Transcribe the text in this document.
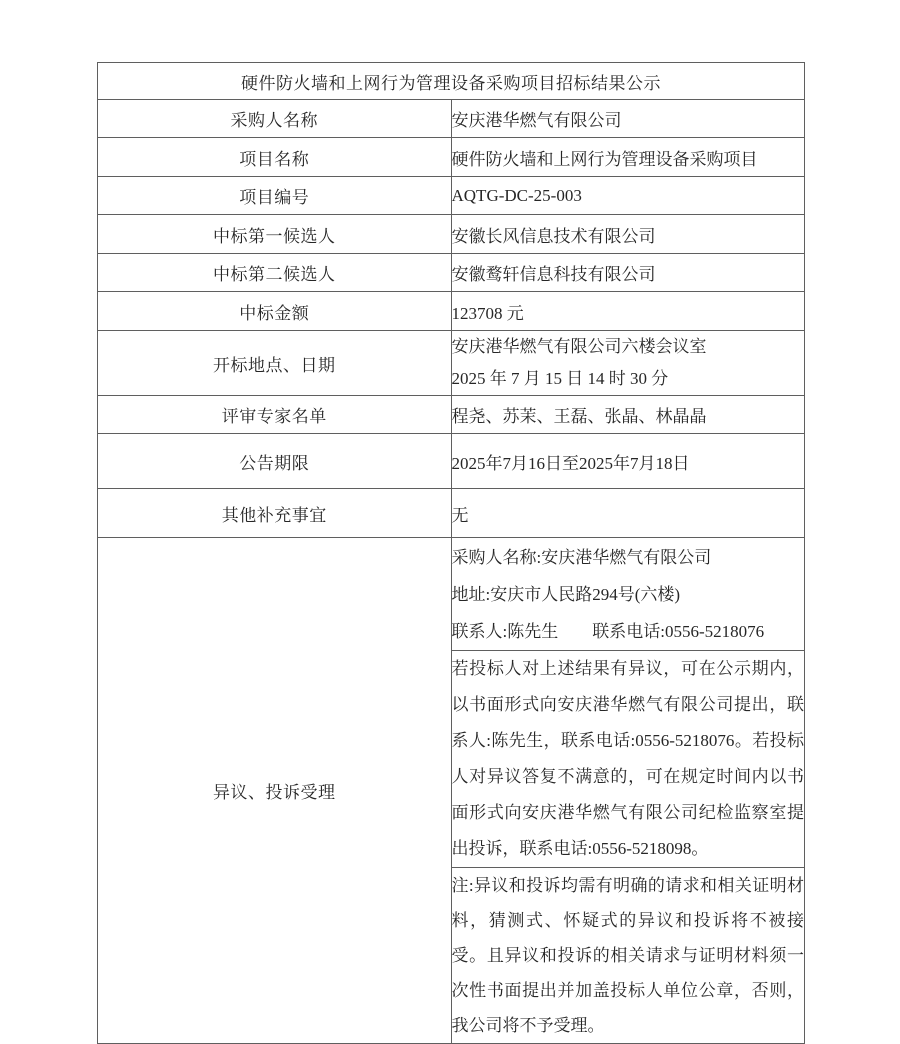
硬件防火墙和上网行为管理设备采购项目招标结果公示	
采购人名称	安庆港华燃气有限公司
项目名称	硬件防火墙和上网行为管理设备采购项目
项目编号	AQTG-DC-25-003
中标第一候选人	安徽长风信息技术有限公司
中标第二候选人	安徽鹜轩信息科技有限公司
中标金额	123708 元
开标地点、日期	安庆港华燃气有限公司六楼会议室
2025 年 7 月 15 日 14 时 30 分

评审专家名单	程尧、苏茉、王磊、张晶、林晶晶
公告期限	2025年7月16日至2025年7月18日
其他补充事宜	无
异议、投诉受理	采购人名称:安庆港华燃气有限公司
地址:安庆市人民路294号(六楼)
联系人:陈先生        联系电话:0556-5218076

	若投标人对上述结果有异议，可在公示期内，以书面形式向安庆港华燃气有限公司提出，联系人:陈先生，联系电话:0556-5218076。若投标人对异议答复不满意的，可在规定时间内以书面形式向安庆港华燃气有限公司纪检监察室提出投诉，联系电话:0556-5218098。

	注:异议和投诉均需有明确的请求和相关证明材料，猜测式、怀疑式的异议和投诉将不被接受。且异议和投诉的相关请求与证明材料须一次性书面提出并加盖投标人单位公章，否则，我公司将不予受理。
